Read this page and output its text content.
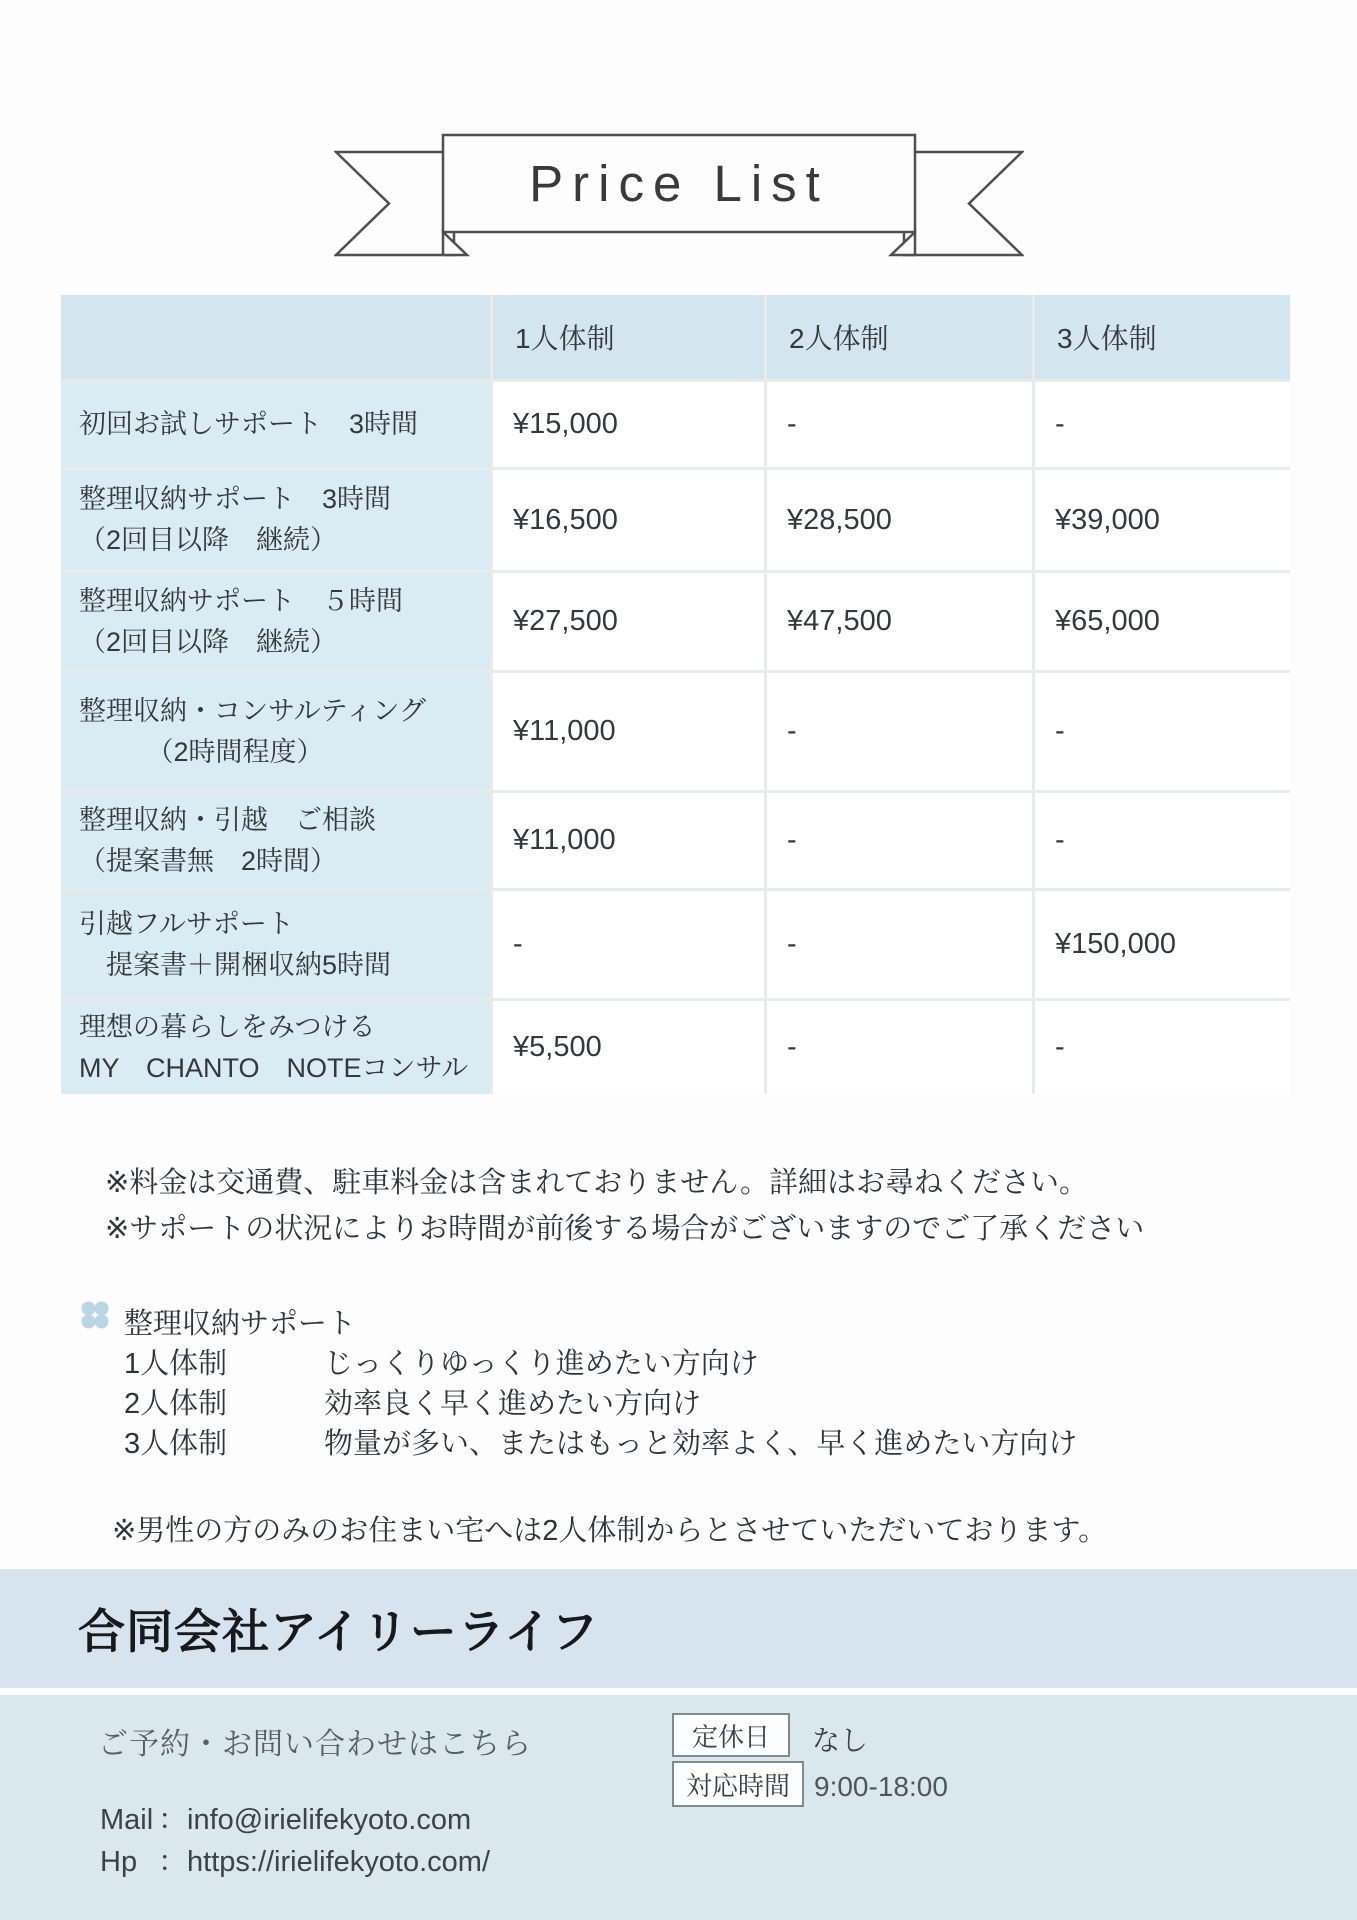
Price List
1人体制	2人体制	3人体制
初回お試しサポート　3時間	¥15,000	-	-
整理収納サポート　3時間
（2回目以降　継続）
¥16,500	¥28,500	¥39,000
整理収納サポート　５時間
（2回目以降　継続）
¥27,500	¥47,500	¥65,000
整理収納・コンサルティング
　　　（2時間程度）
¥11,000	-	-
整理収納・引越　ご相談
（提案書無　2時間）
¥11,000	-	-
引越フルサポート
　提案書＋開梱収納5時間
-	-	¥150,000
理想の暮らしをみつける
MY　CHANTO　NOTEコンサル
¥5,500	-	-
※料金は交通費、駐車料金は含まれておりません。詳細はお尋ねください。
※サポートの状況によりお時間が前後する場合がございますのでご了承ください
整理収納サポート
1人体制	じっくりゆっくり進めたい方向け
2人体制	効率良く早く進めたい方向け
3人体制	物量が多い、またはもっと効率よく、早く進めたい方向け
※男性の方のみのお住まい宅へは2人体制からとさせていただいております。
合同会社アイリーライフ
ご予約・お問い合わせはこちら	定休日	なし
対応時間 9:00-18:00
Mail ：info@irielifekyoto.com
Hp ：https://irielifekyoto.com/
